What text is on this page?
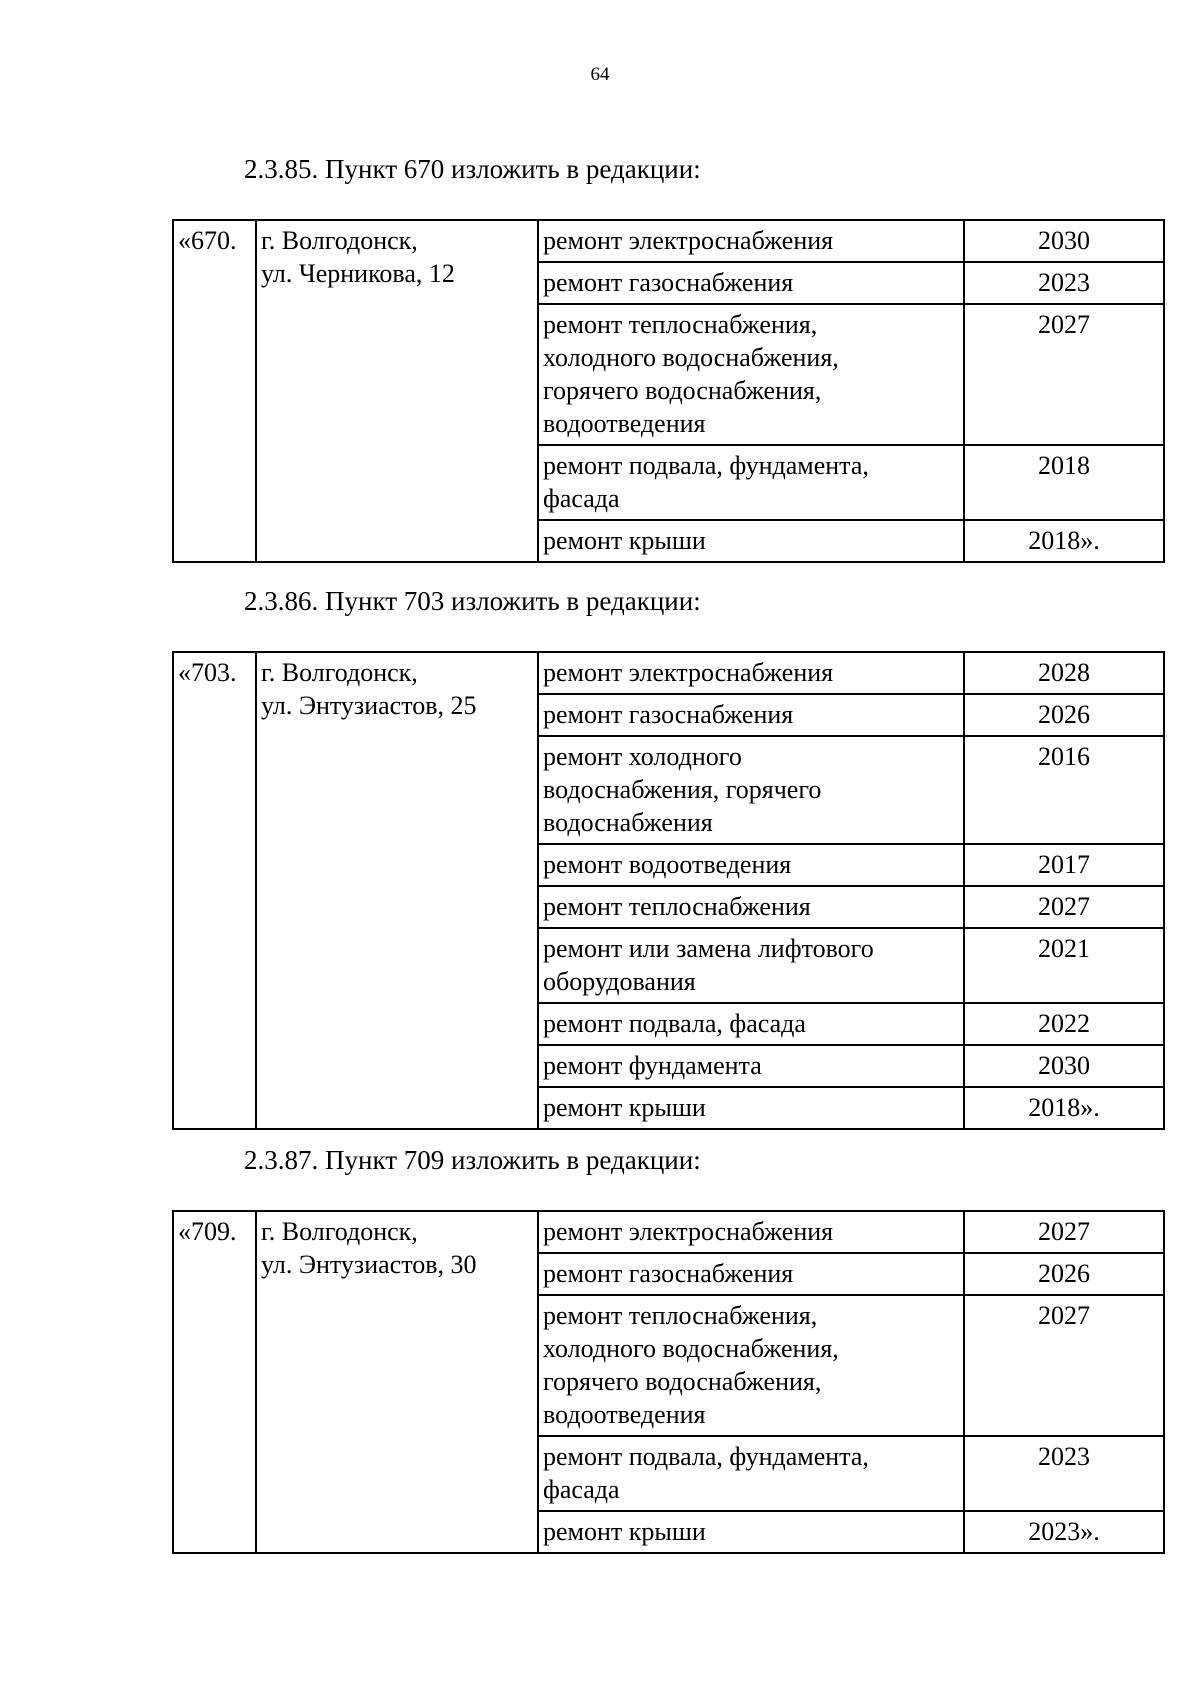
64
2.3.85. Пункт 670 изложить в редакции:
«670.	г. Волгодонск,
ул. Черникова, 12	ремонт электроснабжения	2030
		ремонт газоснабжения	2023
		ремонт теплоснабжения,
холодного водоснабжения,
горячего водоснабжения,
водоотведения	2027
		ремонт подвала, фундамента,
фасада	2018
		ремонт крыши	2018».
2.3.86. Пункт 703 изложить в редакции:
«703.	г. Волгодонск,
ул. Энтузиастов, 25	ремонт электроснабжения	2028
		ремонт газоснабжения	2026
		ремонт холодного
водоснабжения, горячего
водоснабжения	2016
		ремонт водоотведения	2017
		ремонт теплоснабжения	2027
		ремонт или замена лифтового
оборудования	2021
		ремонт подвала, фасада	2022
		ремонт фундамента	2030
		ремонт крыши	2018».
2.3.87. Пункт 709 изложить в редакции:
«709.	г. Волгодонск,
ул. Энтузиастов, 30	ремонт электроснабжения	2027
		ремонт газоснабжения	2026
		ремонт теплоснабжения,
холодного водоснабжения,
горячего водоснабжения,
водоотведения	2027
		ремонт подвала, фундамента,
фасада	2023
		ремонт крыши	2023».
